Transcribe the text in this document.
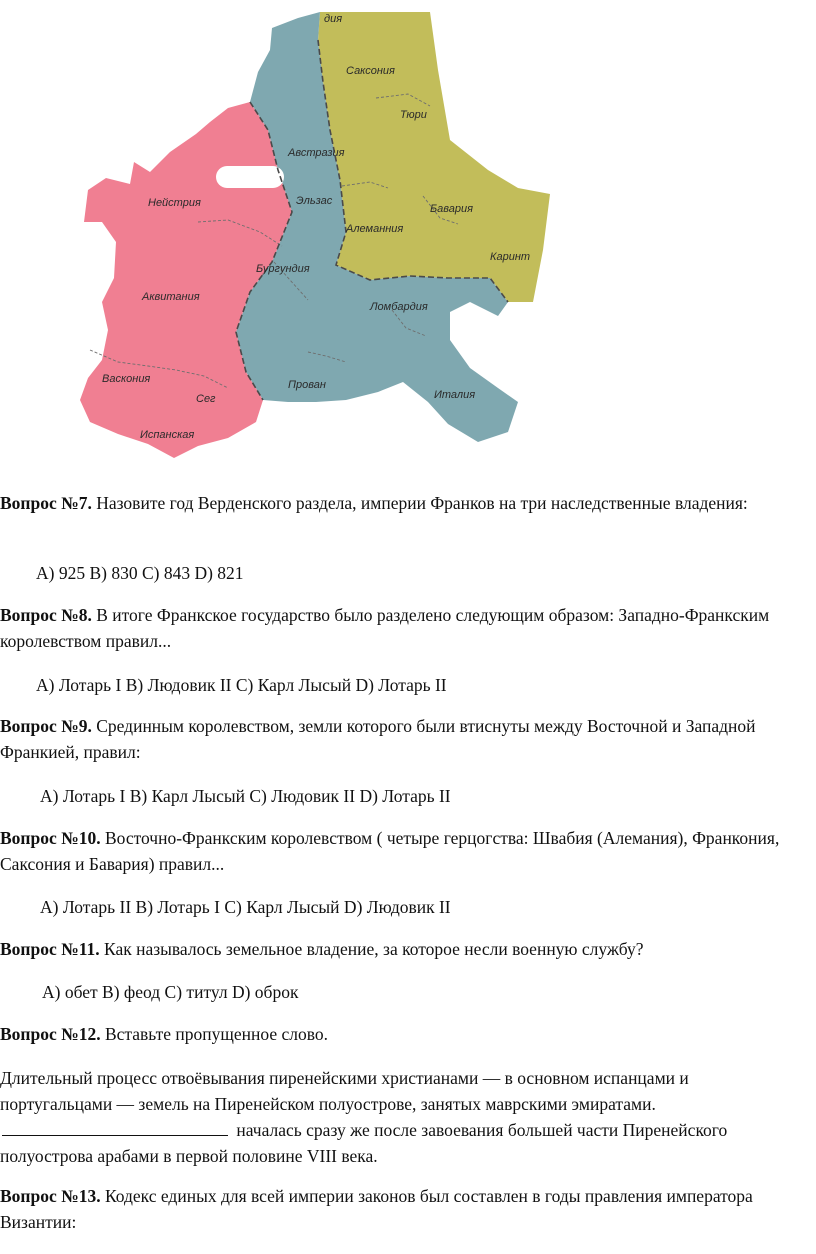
дия
Саксония
Тюри
Австразия
Нейстрия	Эльзас
Бавария
Алеманния
Каринт
Бургундия
Аквитания
Ломбардия
Васкония	Прован
Италия
Сег
Испанская
Вопрос №7. Назовите год Верденского раздела, империи Франков на три наследственные владения:
A) 925 B) 830 C) 843 D) 821
Вопрос №8. В итоге Франкское государство было разделено следующим образом: Западно-Франкским королевством правил...
A) Лотарь I B) Людовик II C) Карл Лысый D) Лотарь II
Вопрос №9. Срединным королевством, земли которого были втиснуты между Восточной и Западной Франкией, правил:
A) Лотарь I B) Карл Лысый C) Людовик II D) Лотарь II
Вопрос №10. Восточно-Франкским королевством ( четыре герцогства: Швабия (Алемания), Франкония, Саксония и Бавария) правил...
A) Лотарь II B) Лотарь I C) Карл Лысый D) Людовик II
Вопрос №11. Как называлось земельное владение, за которое несли военную службу?
A) обет B) феод C) титул D) оброк
Вопрос №12. Вставьте пропущенное слово.
Длительный процесс отвоёвывания пиренейскими христианами — в основном испанцами и португальцами — земель на Пиренейском полуострове, занятых маврскими эмиратами.  началась сразу же после завоевания большей части Пиренейского полуострова арабами в первой половине VIII века.
Вопрос №13. Кодекс единых для всей империи законов был составлен в годы правления императора Византии:
